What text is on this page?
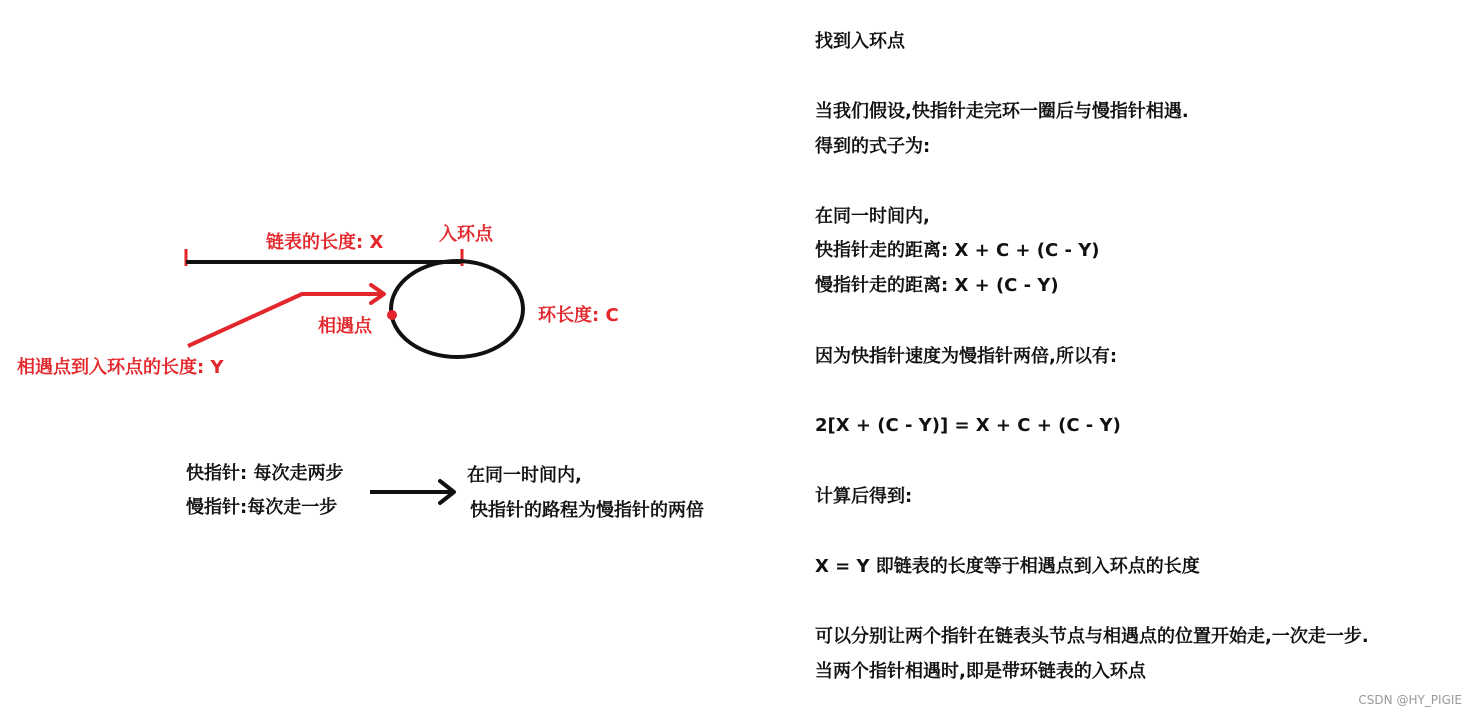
链表的长度: X	入环点
环长度: C
相遇点
相遇点到入环点的长度: Y
快指针: 每次走两步
慢指针:每次走一步
在同一时间内,
快指针的路程为慢指针的两倍
找到入环点
当我们假设,快指针走完环一圈后与慢指针相遇.
得到的式子为:
在同一时间内,
快指针走的距离: X + C + (C - Y)
慢指针走的距离: X + (C - Y)
因为快指针速度为慢指针两倍,所以有:
2[X + (C - Y)] = X + C + (C - Y)
计算后得到:
X = Y 即链表的长度等于相遇点到入环点的长度
可以分别让两个指针在链表头节点与相遇点的位置开始走,一次走一步.
当两个指针相遇时,即是带环链表的入环点
CSDN @HY_PIGIE
